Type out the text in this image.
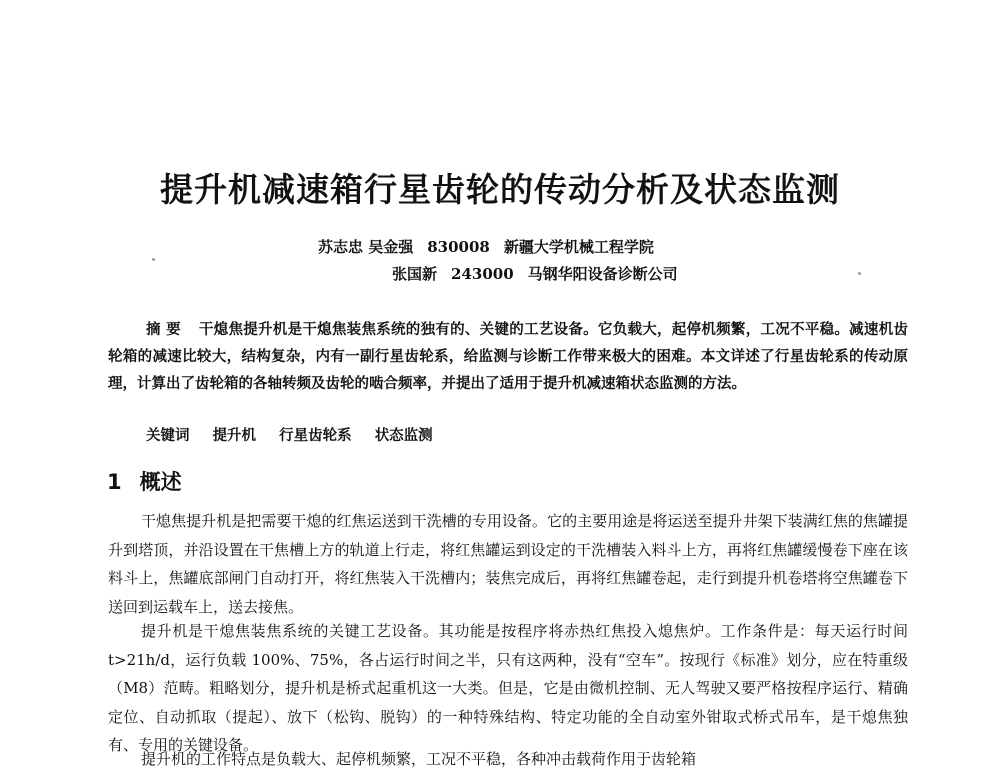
提升机减速箱行星齿轮的传动分析及状态监测
苏志忠 吴金强 830008 新疆大学机械工程学院
张国新 243000 马钢华阳设备诊断公司

摘 要 干熄焦提升机是干熄焦装焦系统的独有的、关键的工艺设备。它负载大，起停机频繁，工况不平稳。减速机齿轮箱的减速比较大，结构复杂，内有一副行星齿轮系，给监测与诊断工作带来极大的困难。本文详述了行星齿轮系的传动原理，计算出了齿轮箱的各轴转频及齿轮的啮合频率，并提出了适用于提升机减速箱状态监测的方法。

关键词 提升机 行星齿轮系 状态监测
1 概述

干熄焦提升机是把需要干熄的红焦运送到干洗槽的专用设备。它的主要用途是将运送至提升井架下装满红焦的焦罐提升到塔顶，并沿设置在干焦槽上方的轨道上行走，将红焦罐运到设定的干洗槽装入料斗上方，再将红焦罐缓慢卷下座在该料斗上，焦罐底部闸门自动打开，将红焦装入干洗槽内；装焦完成后，再将红焦罐卷起，走行到提升机卷塔将空焦罐卷下送回到运载车上，送去接焦。

提升机是干熄焦装焦系统的关键工艺设备。其功能是按程序将赤热红焦投入熄焦炉。工作条件是：每天运行时间 t>21h/d，运行负载 100%、75%，各占运行时间之半，只有这两种，没有“空车”。按现行《标准》划分，应在特重级（M8）范畴。粗略划分，提升机是桥式起重机这一大类。但是，它是由微机控制、无人驾驶又要严格按程序运行、精确定位、自动抓取（提起）、放下（松钩、脱钩）的一种特殊结构、特定功能的全自动室外钳取式桥式吊车，是干熄焦独有、专用的关键设备。

提升机的工作特点是负载大、起停机频繁，工况不平稳，各种冲击载荷作用于齿轮箱
